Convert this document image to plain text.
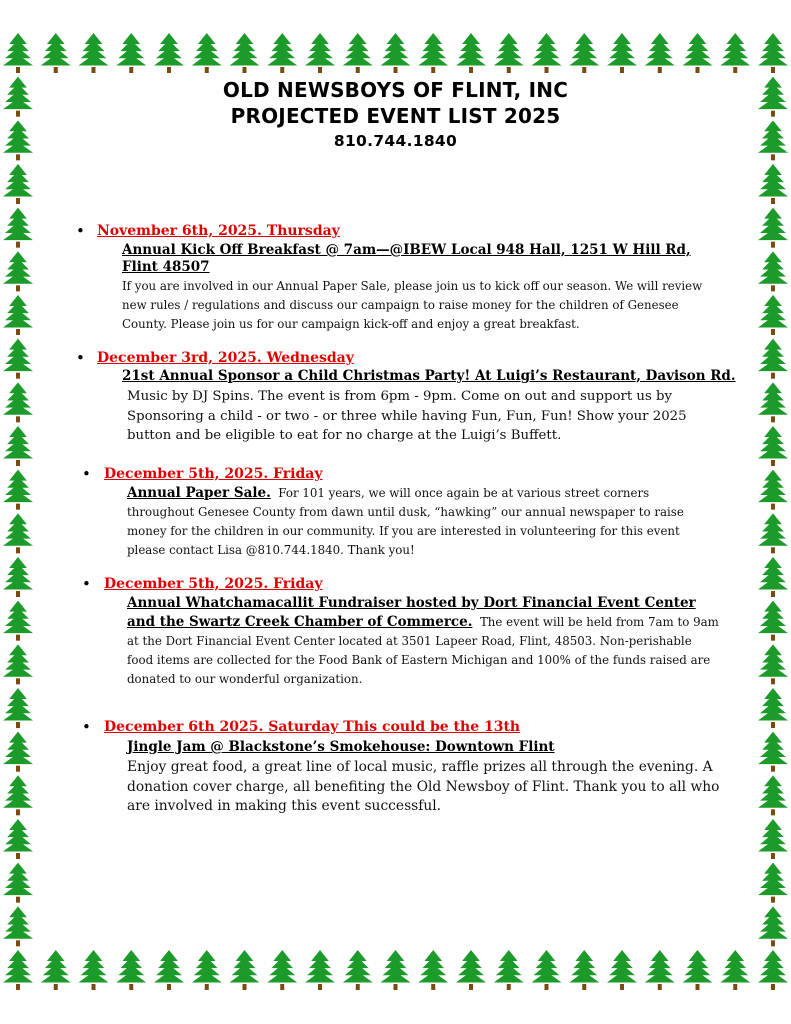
OLD NEWSBOYS OF FLINT, INC
PROJECTED EVENT LIST 2025
810.744.1840
• November 6th, 2025. Thursday
Annual Kick Off Breakfast @ 7am—@IBEW Local 948 Hall, 1251 W Hill Rd, Flint 48507
If you are involved in our Annual Paper Sale, please join us to kick off our season. We will review new rules / regulations and discuss our campaign to raise money for the children of Genesee County. Please join us for our campaign kick-off and enjoy a great breakfast.
• December 3rd, 2025. Wednesday
21st Annual Sponsor a Child Christmas Party! At Luigi’s Restaurant, Davison Rd.
Music by DJ Spins. The event is from 6pm - 9pm. Come on out and support us by Sponsoring a child - or two - or three while having Fun, Fun, Fun! Show your 2025 button and be eligible to eat for no charge at the Luigi’s Buffett.
• December 5th, 2025. Friday
Annual Paper Sale. For 101 years, we will once again be at various street corners throughout Genesee County from dawn until dusk, “hawking” our annual newspaper to raise money for the children in our community. If you are interested in volunteering for this event please contact Lisa @810.744.1840. Thank you!
• December 5th, 2025. Friday
Annual Whatchamacallit Fundraiser hosted by Dort Financial Event Center and the Swartz Creek Chamber of Commerce. The event will be held from 7am to 9am at the Dort Financial Event Center located at 3501 Lapeer Road, Flint, 48503. Non-perishable food items are collected for the Food Bank of Eastern Michigan and 100% of the funds raised are donated to our wonderful organization.
• December 6th 2025. Saturday This could be the 13th
Jingle Jam @ Blackstone’s Smokehouse: Downtown Flint
Enjoy great food, a great line of local music, raffle prizes all through the evening. A donation cover charge, all benefiting the Old Newsboy of Flint. Thank you to all who are involved in making this event successful.
